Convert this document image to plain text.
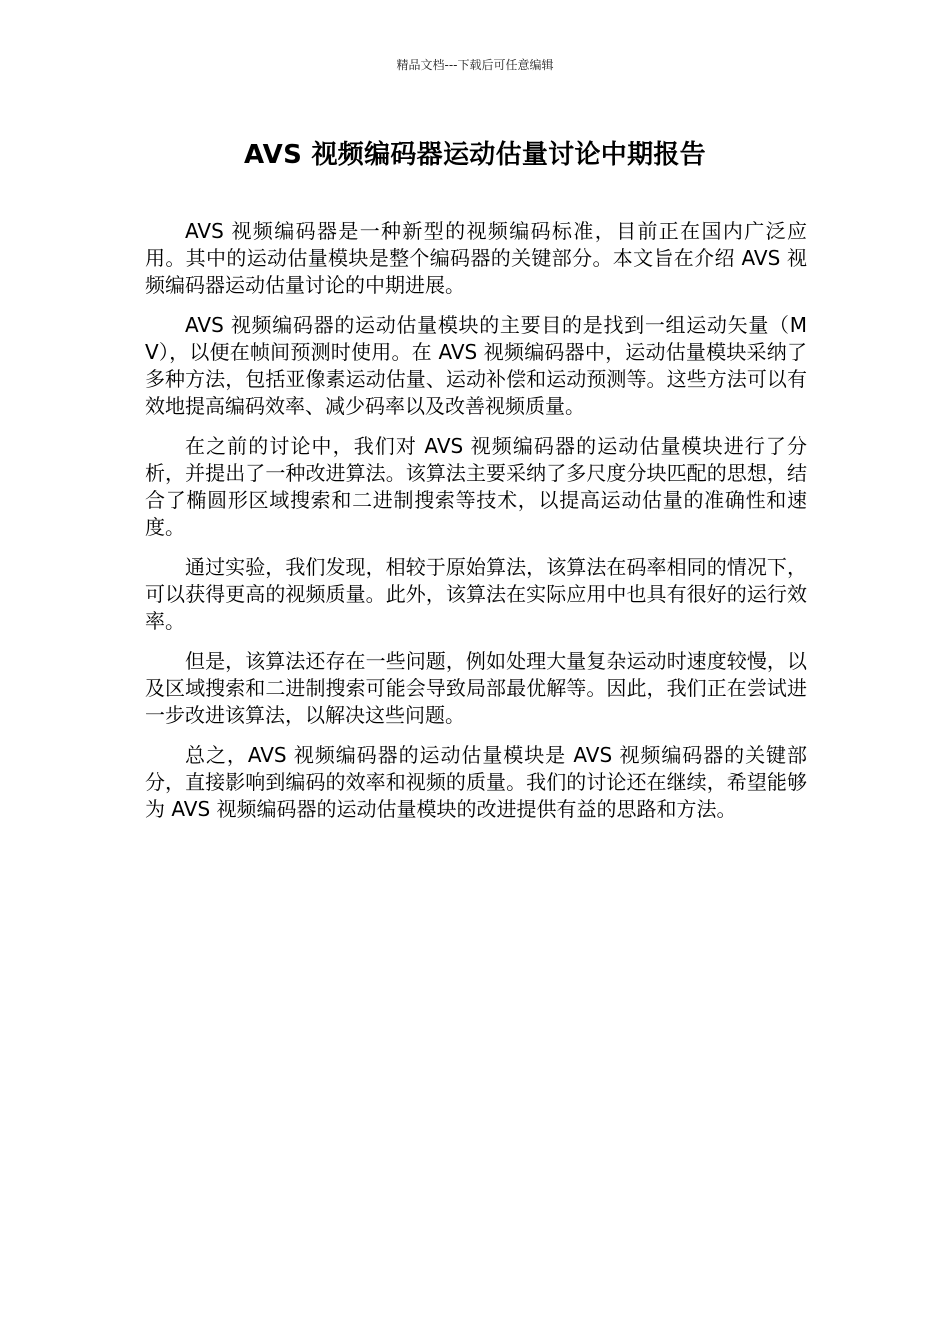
精品文档---下载后可任意编辑
AVS 视频编码器运动估量讨论中期报告

AVS 视频编码器是一种新型的视频编码标准，目前正在国内广泛应用。其中的运动估量模块是整个编码器的关键部分。本文旨在介绍 AVS 视频编码器运动估量讨论的中期进展。

AVS 视频编码器的运动估量模块的主要目的是找到一组运动矢量（MV），以便在帧间预测时使用。在 AVS 视频编码器中，运动估量模块采纳了多种方法，包括亚像素运动估量、运动补偿和运动预测等。这些方法可以有效地提高编码效率、减少码率以及改善视频质量。

在之前的讨论中，我们对 AVS 视频编码器的运动估量模块进行了分析，并提出了一种改进算法。该算法主要采纳了多尺度分块匹配的思想，结合了椭圆形区域搜索和二进制搜索等技术，以提高运动估量的准确性和速度。

通过实验，我们发现，相较于原始算法，该算法在码率相同的情况下，可以获得更高的视频质量。此外，该算法在实际应用中也具有很好的运行效率。

但是，该算法还存在一些问题，例如处理大量复杂运动时速度较慢，以及区域搜索和二进制搜索可能会导致局部最优解等。因此，我们正在尝试进一步改进该算法，以解决这些问题。

总之，AVS 视频编码器的运动估量模块是 AVS 视频编码器的关键部分，直接影响到编码的效率和视频的质量。我们的讨论还在继续，希望能够为 AVS 视频编码器的运动估量模块的改进提供有益的思路和方法。
